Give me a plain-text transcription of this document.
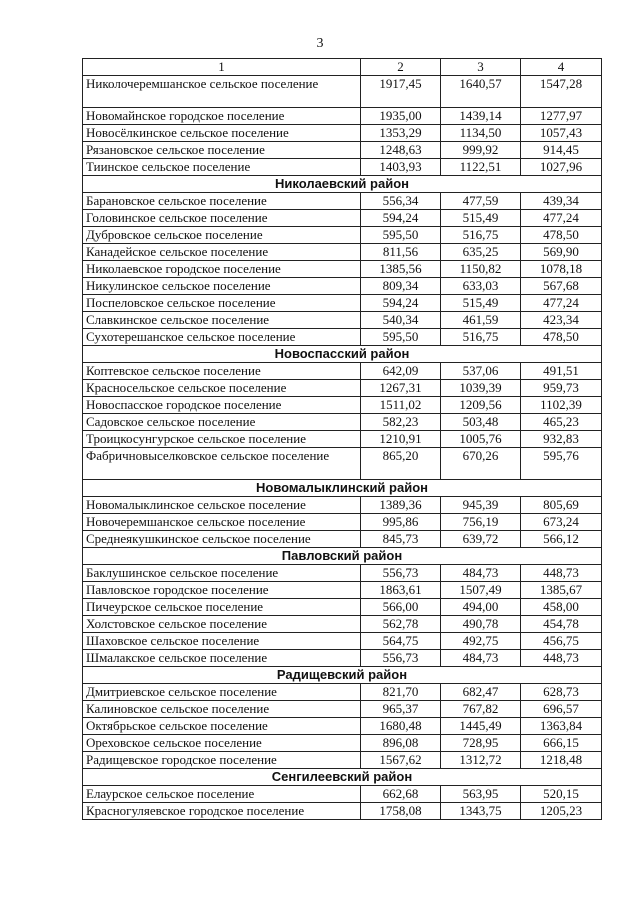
3
1	2	3	4
Николочеремшанское сельское поселение	1917,45	1640,57	1547,28
Новомайнское городское поселение	1935,00	1439,14	1277,97
Новосёлкинское сельское поселение	1353,29	1134,50	1057,43
Рязановское сельское поселение	1248,63	999,92	914,45
Тиинское сельское поселение	1403,93	1122,51	1027,96
Николаевский район			
Барановское сельское поселение	556,34	477,59	439,34
Головинское сельское поселение	594,24	515,49	477,24
Дубровское сельское поселение	595,50	516,75	478,50
Канадейское сельское поселение	811,56	635,25	569,90
Николаевское городское поселение	1385,56	1150,82	1078,18
Никулинское сельское поселение	809,34	633,03	567,68
Поспеловское сельское поселение	594,24	515,49	477,24
Славкинское сельское поселение	540,34	461,59	423,34
Сухотерешанское сельское поселение	595,50	516,75	478,50
Новоспасский район			
Коптевское сельское поселение	642,09	537,06	491,51
Красносельское сельское поселение	1267,31	1039,39	959,73
Новоспасское городское поселение	1511,02	1209,56	1102,39
Садовское сельское поселение	582,23	503,48	465,23
Троицкосунгурское сельское поселение	1210,91	1005,76	932,83
Фабричновыселковское сельское поселение	865,20	670,26	595,76
Новомалыклинский район			
Новомалыклинское сельское поселение	1389,36	945,39	805,69
Новочеремшанское сельское поселение	995,86	756,19	673,24
Среднеякушкинское сельское поселение	845,73	639,72	566,12
Павловский район			
Баклушинское сельское поселение	556,73	484,73	448,73
Павловское городское поселение	1863,61	1507,49	1385,67
Пичеурское сельское поселение	566,00	494,00	458,00
Холстовское сельское поселение	562,78	490,78	454,78
Шаховское сельское поселение	564,75	492,75	456,75
Шмалакское сельское поселение	556,73	484,73	448,73
Радищевский район			
Дмитриевское сельское поселение	821,70	682,47	628,73
Калиновское сельское поселение	965,37	767,82	696,57
Октябрьское сельское поселение	1680,48	1445,49	1363,84
Ореховское сельское поселение	896,08	728,95	666,15
Радищевское городское поселение	1567,62	1312,72	1218,48
Сенгилеевский район			
Елаурское сельское поселение	662,68	563,95	520,15
Красногуляевское городское поселение	1758,08	1343,75	1205,23
